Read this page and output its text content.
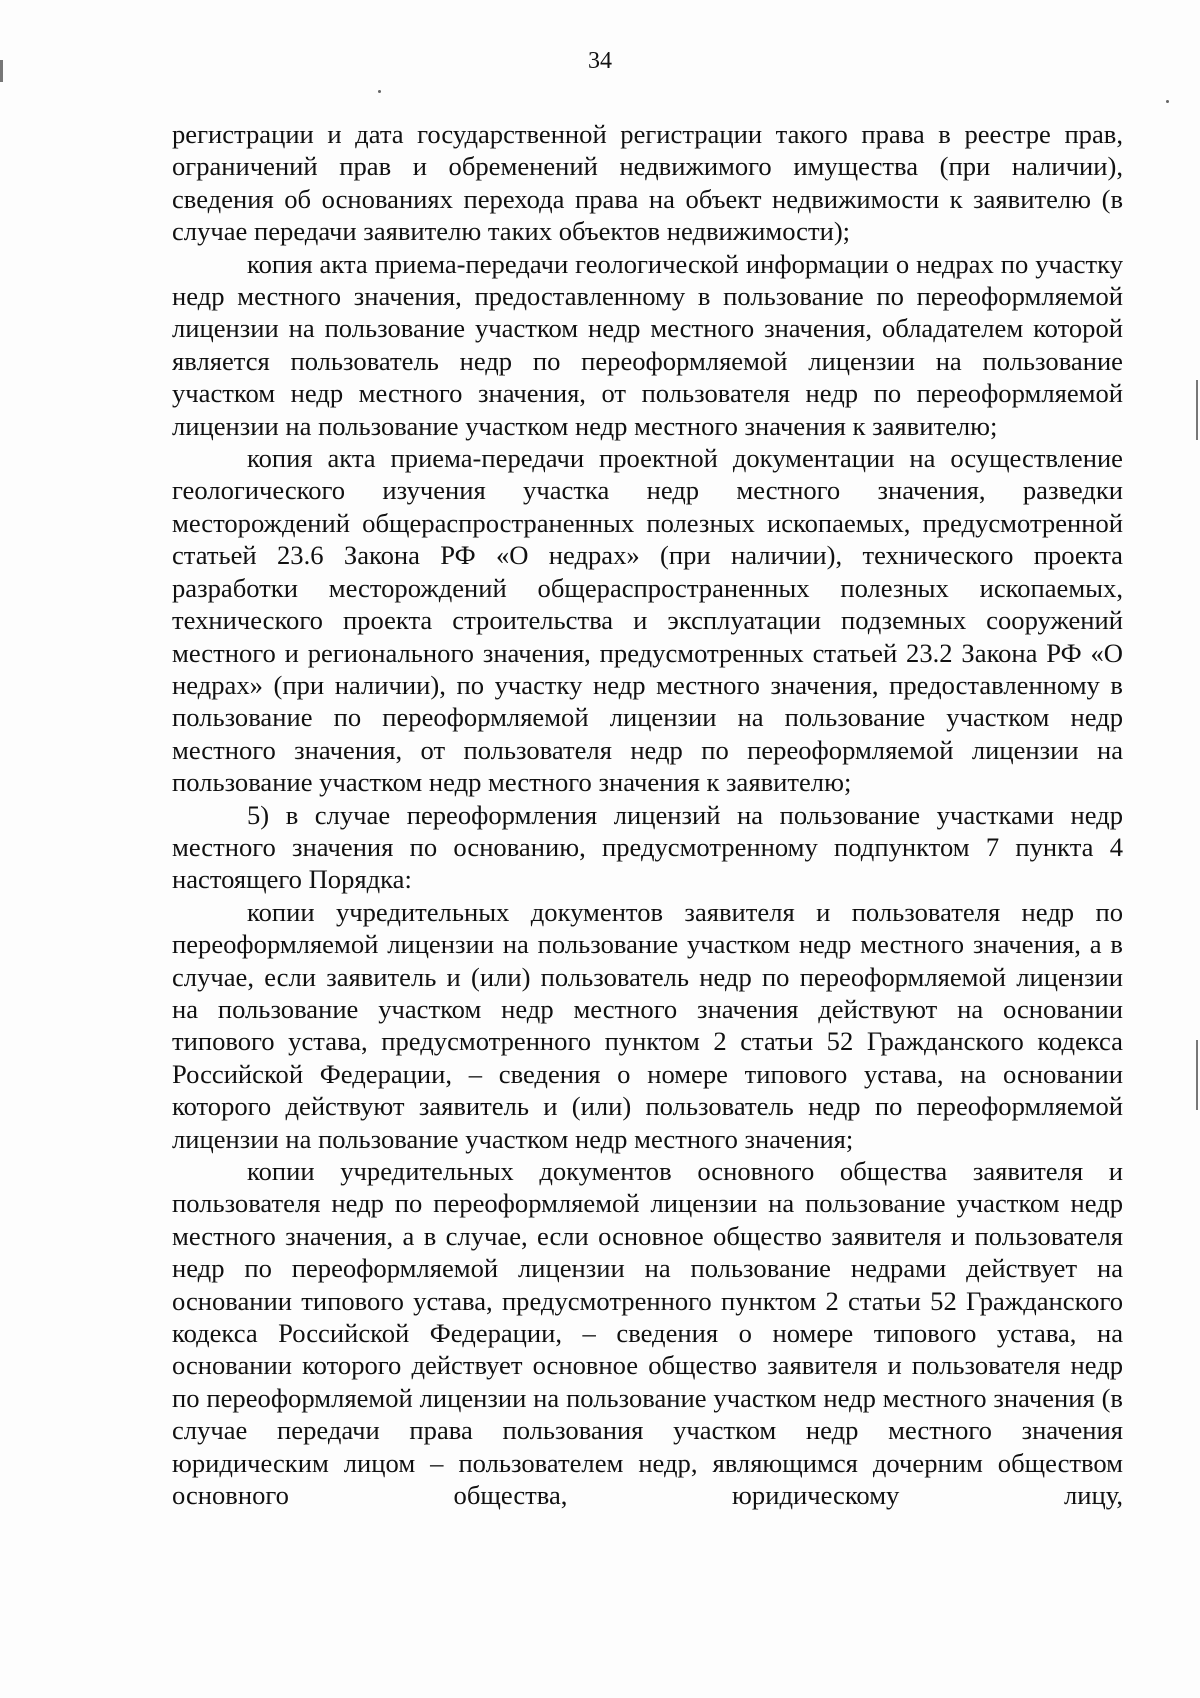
34

регистрации и дата государственной регистрации такого права в реестре прав, ограничений прав и обременений недвижимого имущества (при наличии), сведения об основаниях перехода права на объект недвижимости к заявителю (в случае передачи заявителю таких объектов недвижимости);

копия акта приема-передачи геологической информации о недрах по участку недр местного значения, предоставленному в пользование по переоформляемой лицензии на пользование участком недр местного значения, обладателем которой является пользователь недр по переоформляемой лицензии на пользование участком недр местного значения, от пользователя недр по переоформляемой лицензии на пользование участком недр местного значения к заявителю;

копия акта приема-передачи проектной документации на осуществление геологического изучения участка недр местного значения, разведки месторождений общераспространенных полезных ископаемых, предусмотренной статьей 23.6 Закона РФ «О недрах» (при наличии), технического проекта разработки месторождений общераспространенных полезных ископаемых, технического проекта строительства и эксплуатации подземных сооружений местного и регионального значения, предусмотренных статьей 23.2 Закона РФ «О недрах» (при наличии), по участку недр местного значения, предоставленному в пользование по переоформляемой лицензии на пользование участком недр местного значения, от пользователя недр по переоформляемой лицензии на пользование участком недр местного значения к заявителю;

5) в случае переоформления лицензий на пользование участками недр местного значения по основанию, предусмотренному подпунктом 7 пункта 4 настоящего Порядка:

копии учредительных документов заявителя и пользователя недр по переоформляемой лицензии на пользование участком недр местного значения, а в случае, если заявитель и (или) пользователь недр по переоформляемой лицензии на пользование участком недр местного значения действуют на основании типового устава, предусмотренного пунктом 2 статьи 52 Гражданского кодекса Российской Федерации, – сведения о номере типового устава, на основании которого действуют заявитель и (или) пользователь недр по переоформляемой лицензии на пользование участком недр местного значения;

копии учредительных документов основного общества заявителя и пользователя недр по переоформляемой лицензии на пользование участком недр местного значения, а в случае, если основное общество заявителя и пользователя недр по переоформляемой лицензии на пользование недрами действует на основании типового устава, предусмотренного пунктом 2 статьи 52 Гражданского кодекса Российской Федерации, – сведения о номере типового устава, на основании которого действует основное общество заявителя и пользователя недр по переоформляемой лицензии на пользование участком недр местного значения (в случае передачи права пользования участком недр местного значения юридическим лицом – пользователем недр, являющимся дочерним обществом основного общества, юридическому лицу,
